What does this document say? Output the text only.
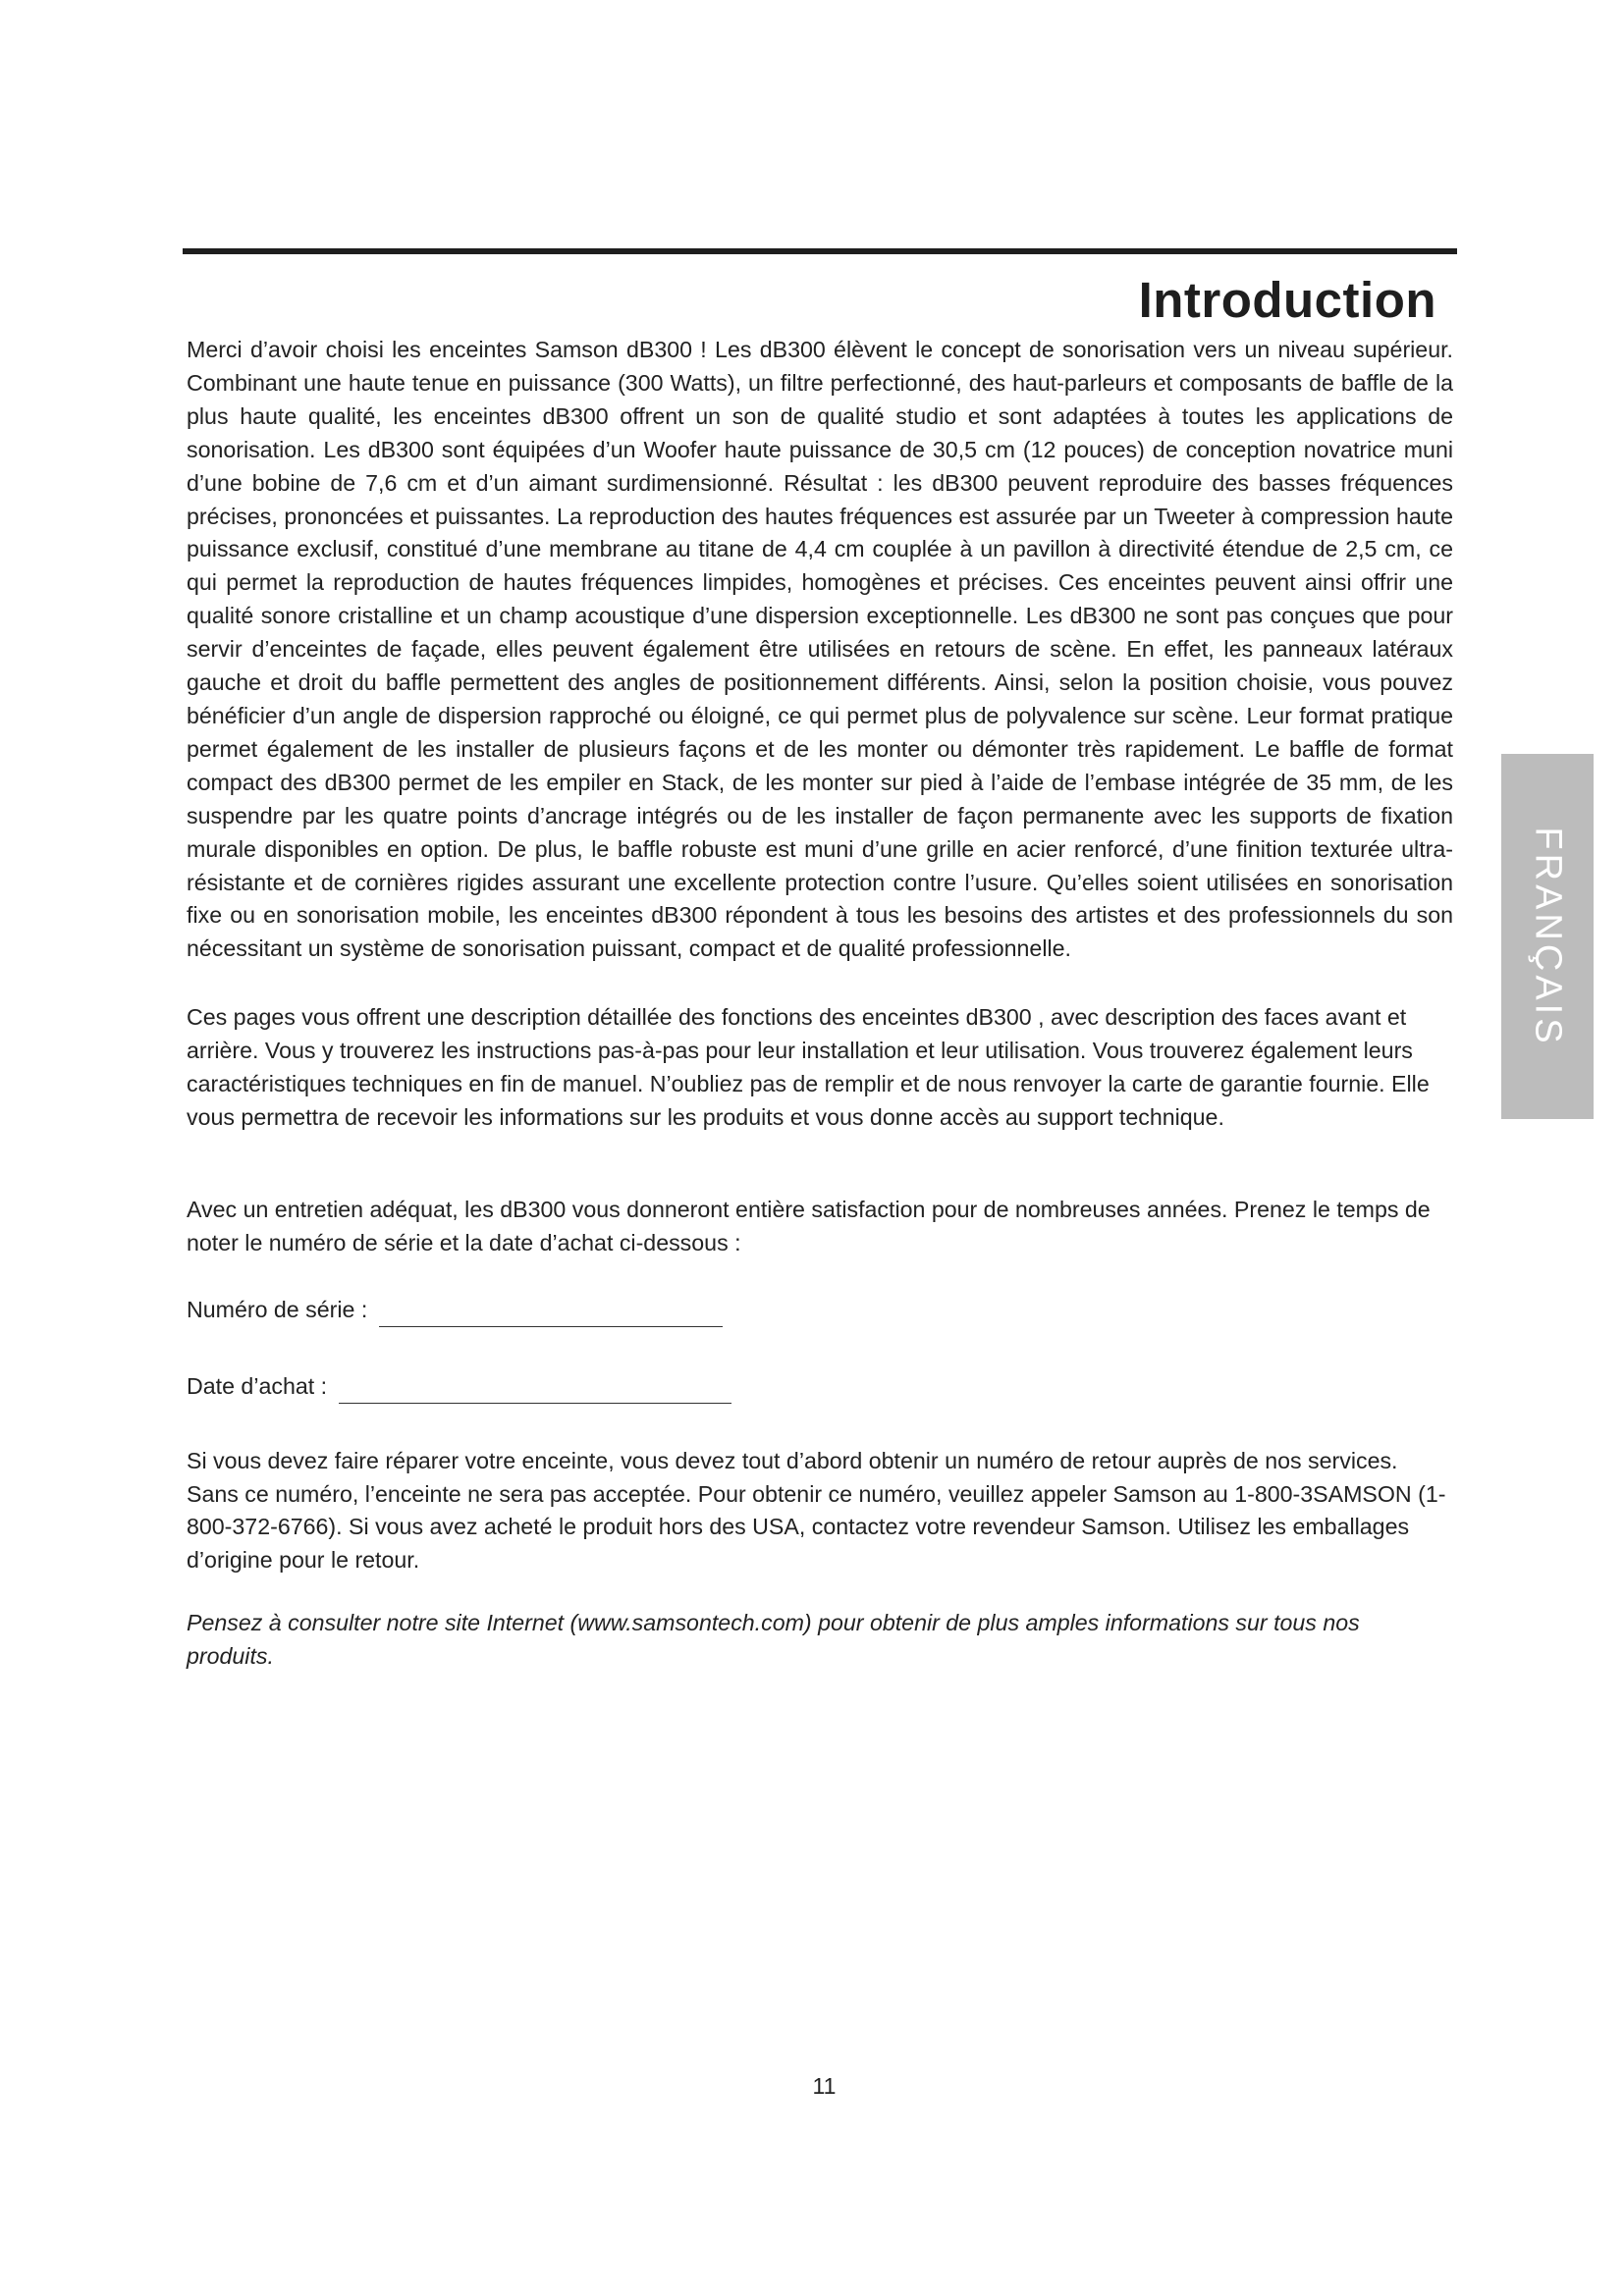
Introduction
FRANÇAIS

Merci d’avoir choisi les enceintes Samson dB300 ! Les dB300 élèvent le concept de sonorisation vers un niveau supérieur. Combinant une haute tenue en puissance (300 Watts), un filtre perfectionné, des haut-parleurs et composants de baffle de la plus haute qualité, les enceintes dB300 offrent un son de qualité studio et sont adaptées à toutes les applications de sonorisation. Les dB300 sont équipées d’un Woofer haute puissance de 30,5 cm (12 pouces) de conception novatrice muni d’une bobine de 7,6 cm et d’un aimant surdimensionné. Résultat : les dB300 peuvent reproduire des basses fréquences précises, prononcées et puissantes. La reproduction des hautes fréquences est assurée par un Tweeter à compression haute puissance exclusif, constitué d’une membrane au titane de 4,4 cm couplée à un pavillon à directivité étendue de 2,5 cm, ce qui permet la reproduction de hautes fréquences limpides, homogènes et précises. Ces enceintes peuvent ainsi offrir une qualité sonore cristalline et un champ acoustique d’une dispersion exceptionnelle. Les dB300 ne sont pas conçues que pour servir d’enceintes de façade, elles peuvent également être utilisées en retours de scène. En effet, les panneaux latéraux gauche et droit du baffle permettent des angles de positionnement différents. Ainsi, selon la position choisie, vous pouvez bénéficier d’un angle de dispersion rapproché ou éloigné, ce qui permet plus de polyvalence sur scène. Leur format pratique permet également de les installer de plusieurs façons et de les monter ou démonter très rapidement. Le baffle de format compact des dB300 permet de les empiler en Stack, de les monter sur pied à l’aide de l’embase intégrée de 35 mm, de les suspendre par les quatre points d’ancrage intégrés ou de les installer de façon permanente avec les supports de fixation murale disponibles en option. De plus, le baffle robuste est muni d’une grille en acier renforcé, d’une finition texturée ultra-résistante et de cornières rigides assurant une excellente protection contre l’usure. Qu’elles soient utilisées en sonorisation fixe ou en sonorisation mobile, les enceintes dB300 répondent à tous les besoins des artistes et des professionnels du son nécessitant un système de sonorisation puissant, compact et de qualité professionnelle.

Ces pages vous offrent une description détaillée des fonctions des enceintes dB300 , avec description des faces avant et arrière. Vous y trouverez les instructions pas-à-pas pour leur installation et leur utilisation. Vous trouverez également leurs caractéristiques techniques en fin de manuel. N’oubliez pas de remplir et de nous renvoyer la carte de garantie fournie. Elle vous permettra de recevoir les informations sur les produits et vous donne accès au support technique.

Avec un entretien adéquat, les dB300 vous donneront entière satisfaction pour de nombreuses années. Prenez le temps de noter le numéro de série et la date d’achat ci-dessous :

Numéro de série :

Date d’achat :

Si vous devez faire réparer votre enceinte, vous devez tout d’abord obtenir un numéro de retour auprès de nos services. Sans ce numéro, l’enceinte ne sera pas acceptée. Pour obtenir ce numéro, veuillez appeler Samson au 1-800-3SAMSON (1-800-372-6766). Si vous avez acheté le produit hors des USA, contactez votre revendeur Samson. Utilisez les emballages d’origine pour le retour.

Pensez à consulter notre site Internet (www.samsontech.com) pour obtenir de plus amples informations sur tous nos produits.

11
